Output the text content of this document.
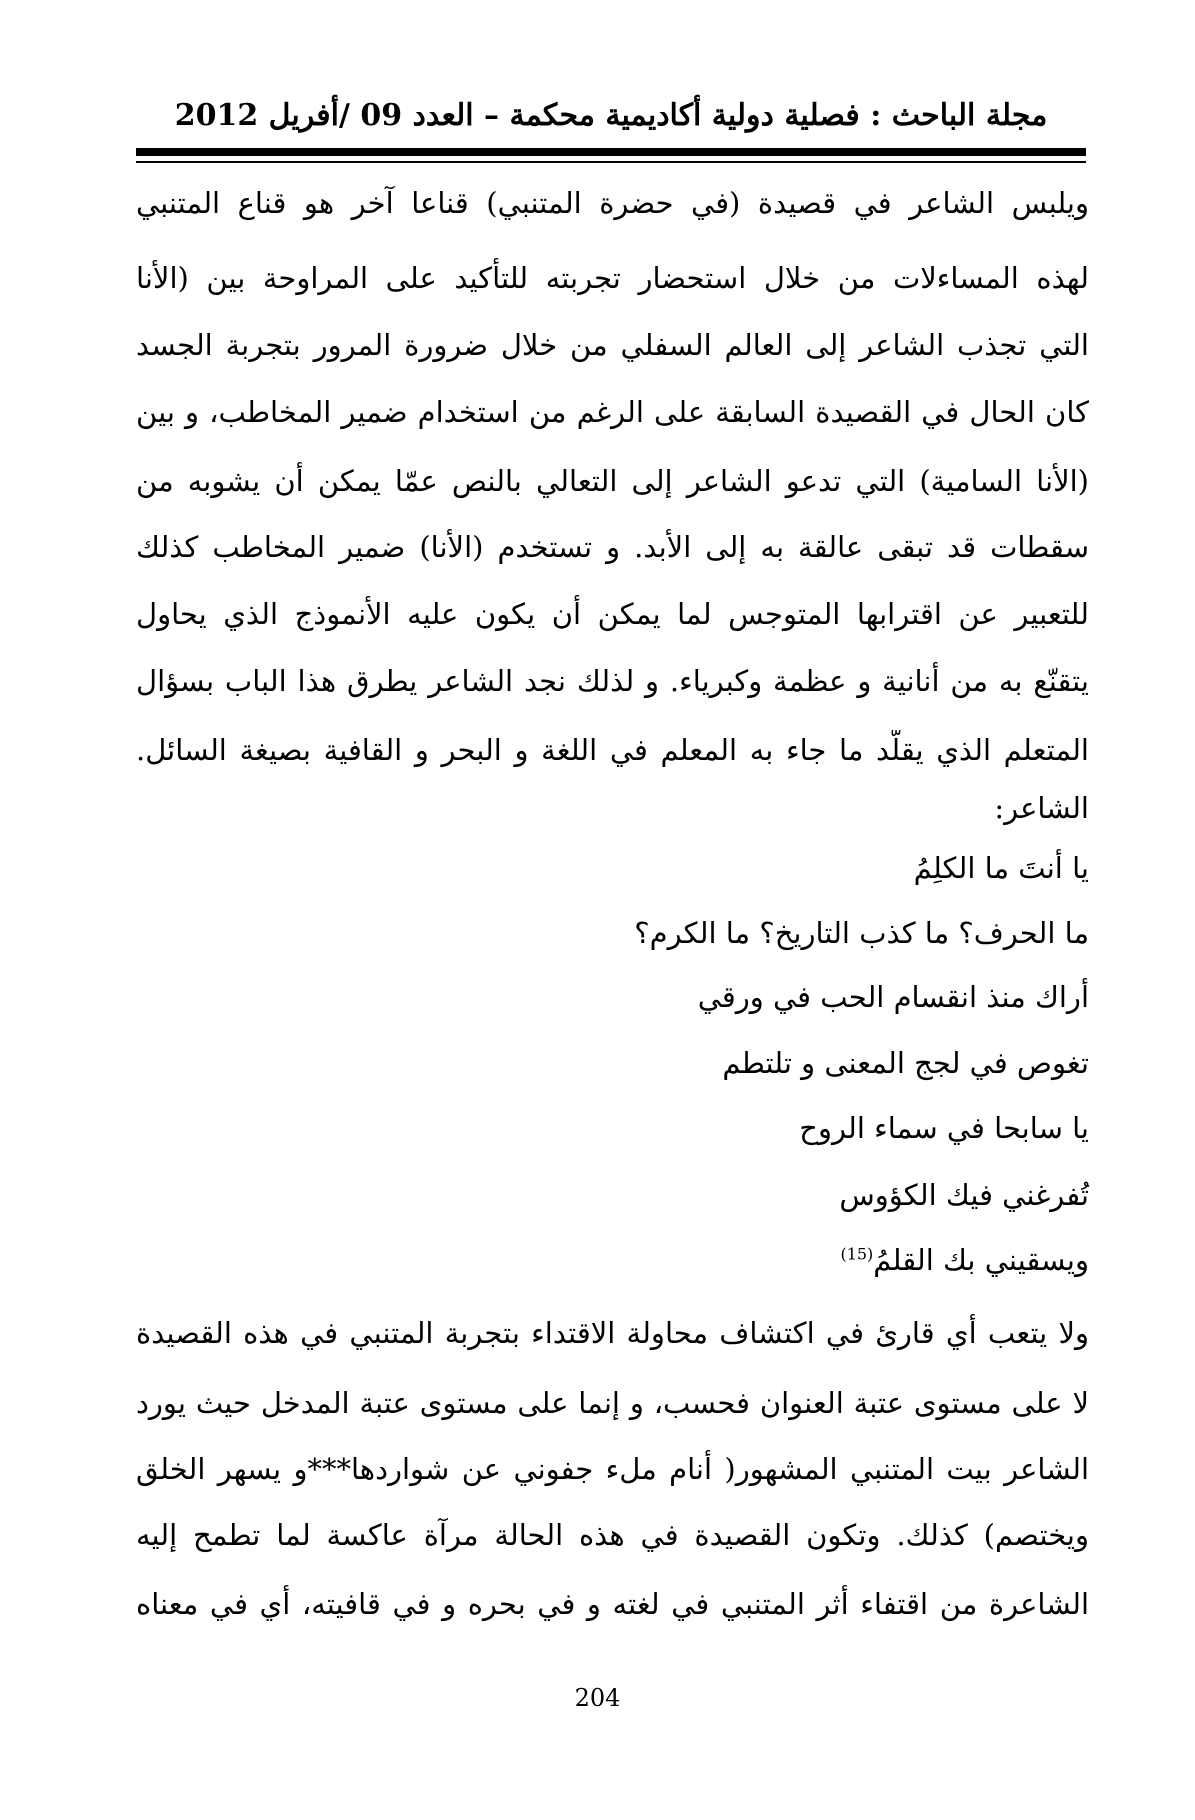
مجلة الباحث : فصلية دولية أكاديمية محكمة – العدد 09 /أفريل 2012
ويلبس الشاعر في قصيدة (في حضرة المتنبي) قناعا آخر هو قناع المتنبي
لهذه المساءلات من خلال استحضار تجربته للتأكيد على المراوحة بين (الأنا
التي تجذب الشاعر إلى العالم السفلي من خلال ضرورة المرور بتجربة الجسد
كان الحال في القصيدة السابقة على الرغم من استخدام ضمير المخاطب، و بين
(الأنا السامية) التي تدعو الشاعر إلى التعالي بالنص عمّا يمكن أن يشوبه من
سقطات قد تبقى عالقة به إلى الأبد. و تستخدم (الأنا) ضمير المخاطب كذلك
للتعبير عن اقترابها المتوجس لما يمكن أن يكون عليه الأنموذج الذي يحاول
يتقنّع به من أنانية و عظمة وكبرياء. و لذلك نجد الشاعر يطرق هذا الباب بسؤال
المتعلم الذي يقلّد ما جاء به المعلم في اللغة و البحر و القافية بصيغة السائل.
الشاعر:
يا أنتَ ما الكلِمُ
ما الحرف؟ ما كذب التاريخ؟ ما الكرم؟
أراك منذ انقسام الحب في ورقي
تغوص في لجج المعنى و تلتطم
يا سابحا في سماء الروح
تُفرغني فيك الكؤوس
ويسقيني بك القلمُ$^{(15)}$
ولا يتعب أي قارئ في اكتشاف محاولة الاقتداء بتجربة المتنبي في هذه القصيدة
لا على مستوى عتبة العنوان فحسب، و إنما على مستوى عتبة المدخل حيث يورد
الشاعر بيت المتنبي المشهور( أنام ملء جفوني عن شواردها***و يسهر الخلق
ويختصم) كذلك. وتكون القصيدة في هذه الحالة مرآة عاكسة لما تطمح إليه
الشاعرة من اقتفاء أثر المتنبي في لغته و في بحره و في قافيته، أي في معناه
204
